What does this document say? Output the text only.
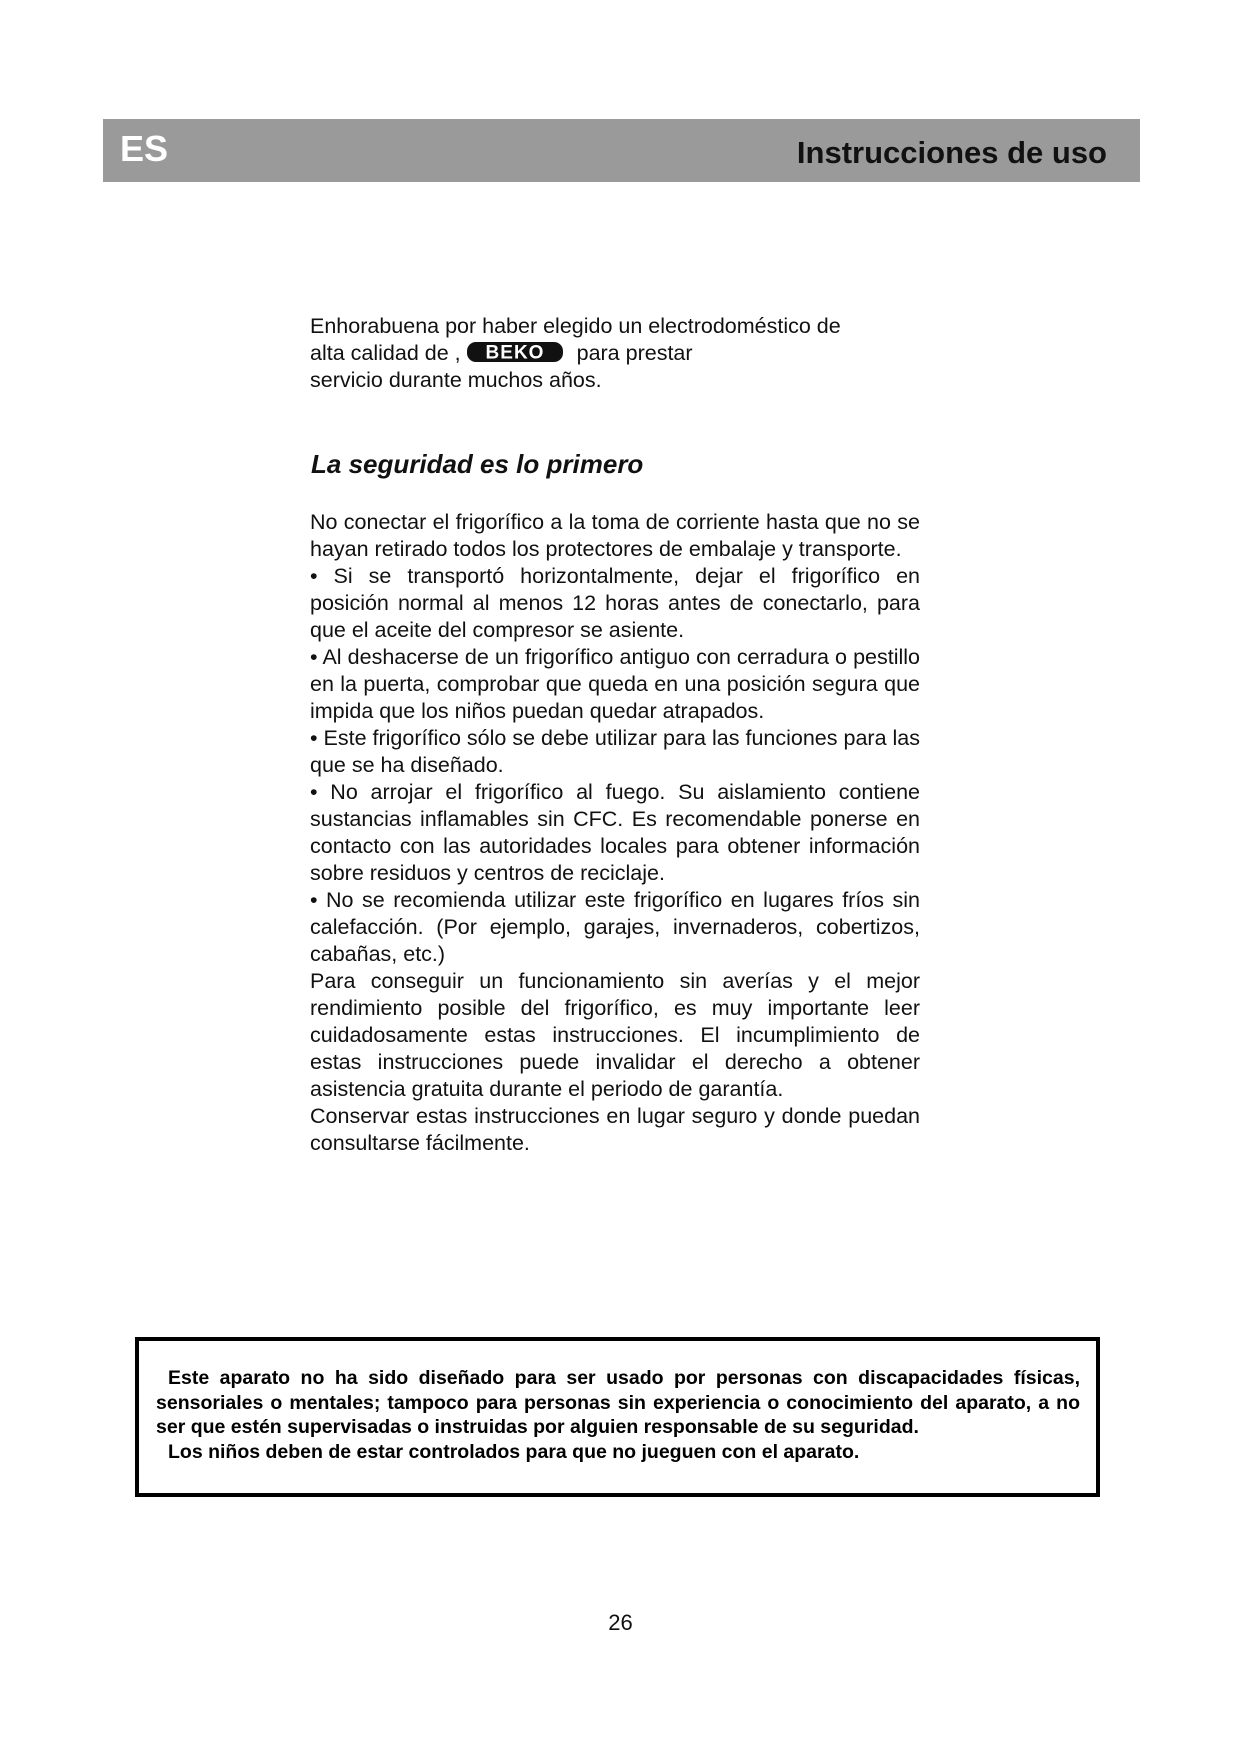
ES	Instrucciones de uso

Enhorabuena por haber elegido un electrodoméstico de

alta calidad de , BEKO para prestar

servicio durante muchos años.

La seguridad es lo primero

No conectar el frigorífico a la toma de corriente hasta que no se hayan retirado todos los protectores de embalaje y transporte.

• Si se transportó horizontalmente, dejar el frigorífico en posición normal al menos 12 horas antes de conectarlo, para que el aceite del compresor se asiente.

• Al deshacerse de un frigorífico antiguo con cerradura o pestillo en la puerta, comprobar que queda en una posición segura que impida que los niños puedan quedar atrapados.

• Este frigorífico sólo se debe utilizar para las funciones para las que se ha diseñado.

• No arrojar el frigorífico al fuego. Su aislamiento contiene sustancias inflamables sin CFC. Es recomendable ponerse en contacto con las autoridades locales para obtener información sobre residuos y centros de reciclaje.

• No se recomienda utilizar este frigorífico en lugares fríos sin calefacción. (Por ejemplo, garajes, invernaderos, cobertizos, cabañas, etc.)

Para conseguir un funcionamiento sin averías y el mejor rendimiento posible del frigorífico, es muy importante leer cuidadosamente estas instrucciones. El incumplimiento de estas instrucciones puede invalidar el derecho a obtener asistencia gratuita durante el periodo de garantía.

Conservar estas instrucciones en lugar seguro y donde puedan consultarse fácilmente.

Este aparato no ha sido diseñado para ser usado por personas con discapacidades físicas, sensoriales o mentales; tampoco para personas sin experiencia o conocimiento del aparato, a no ser que estén supervisadas o instruidas por alguien responsable de su seguridad.

Los niños deben de estar controlados para que no jueguen con el aparato.

26
